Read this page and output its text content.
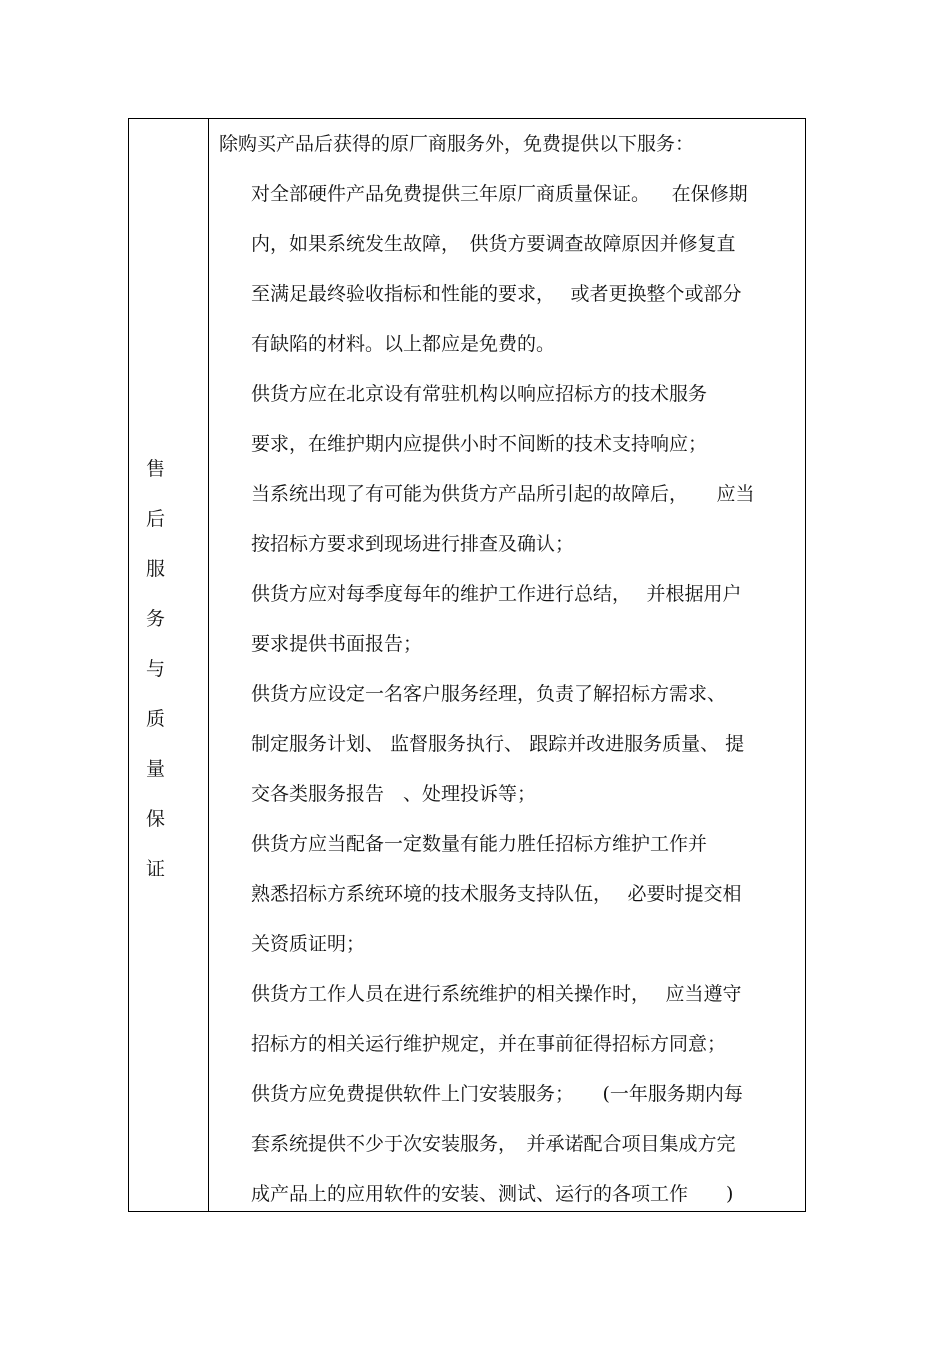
售
后
服
务
与
质
量
保
证
除购买产品后获得的原厂商服务外，免费提供以下服务：
对全部硬件产品免费提供三年原厂商质量保证。　  在保修期
内，如果系统发生故障，　供货方要调查故障原因并修复直
至满足最终验收指标和性能的要求，　 或者更换整个或部分
有缺陷的材料。以上都应是免费的。
供货方应在北京设有常驻机构以响应招标方的技术服务
要求，在维护期内应提供小时不间断的技术支持响应；
当系统出现了有可能为供货方产品所引起的故障后，　　应当
按招标方要求到现场进行排查及确认；
供货方应对每季度每年的维护工作进行总结，　 并根据用户
要求提供书面报告；
供货方应设定一名客户服务经理，负责了解招标方需求、
制定服务计划、 监督服务执行、 跟踪并改进服务质量、 提
交各类服务报告　、处理投诉等；
供货方应当配备一定数量有能力胜任招标方维护工作并
熟悉招标方系统环境的技术服务支持队伍，　 必要时提交相
关资质证明；
供货方工作人员在进行系统维护的相关操作时，　 应当遵守
招标方的相关运行维护规定，并在事前征得招标方同意；
供货方应免费提供软件上门安装服务；　　(一年服务期内每
套系统提供不少于次安装服务，　并承诺配合项目集成方完
成产品上的应用软件的安装、测试、运行的各项工作　　)
